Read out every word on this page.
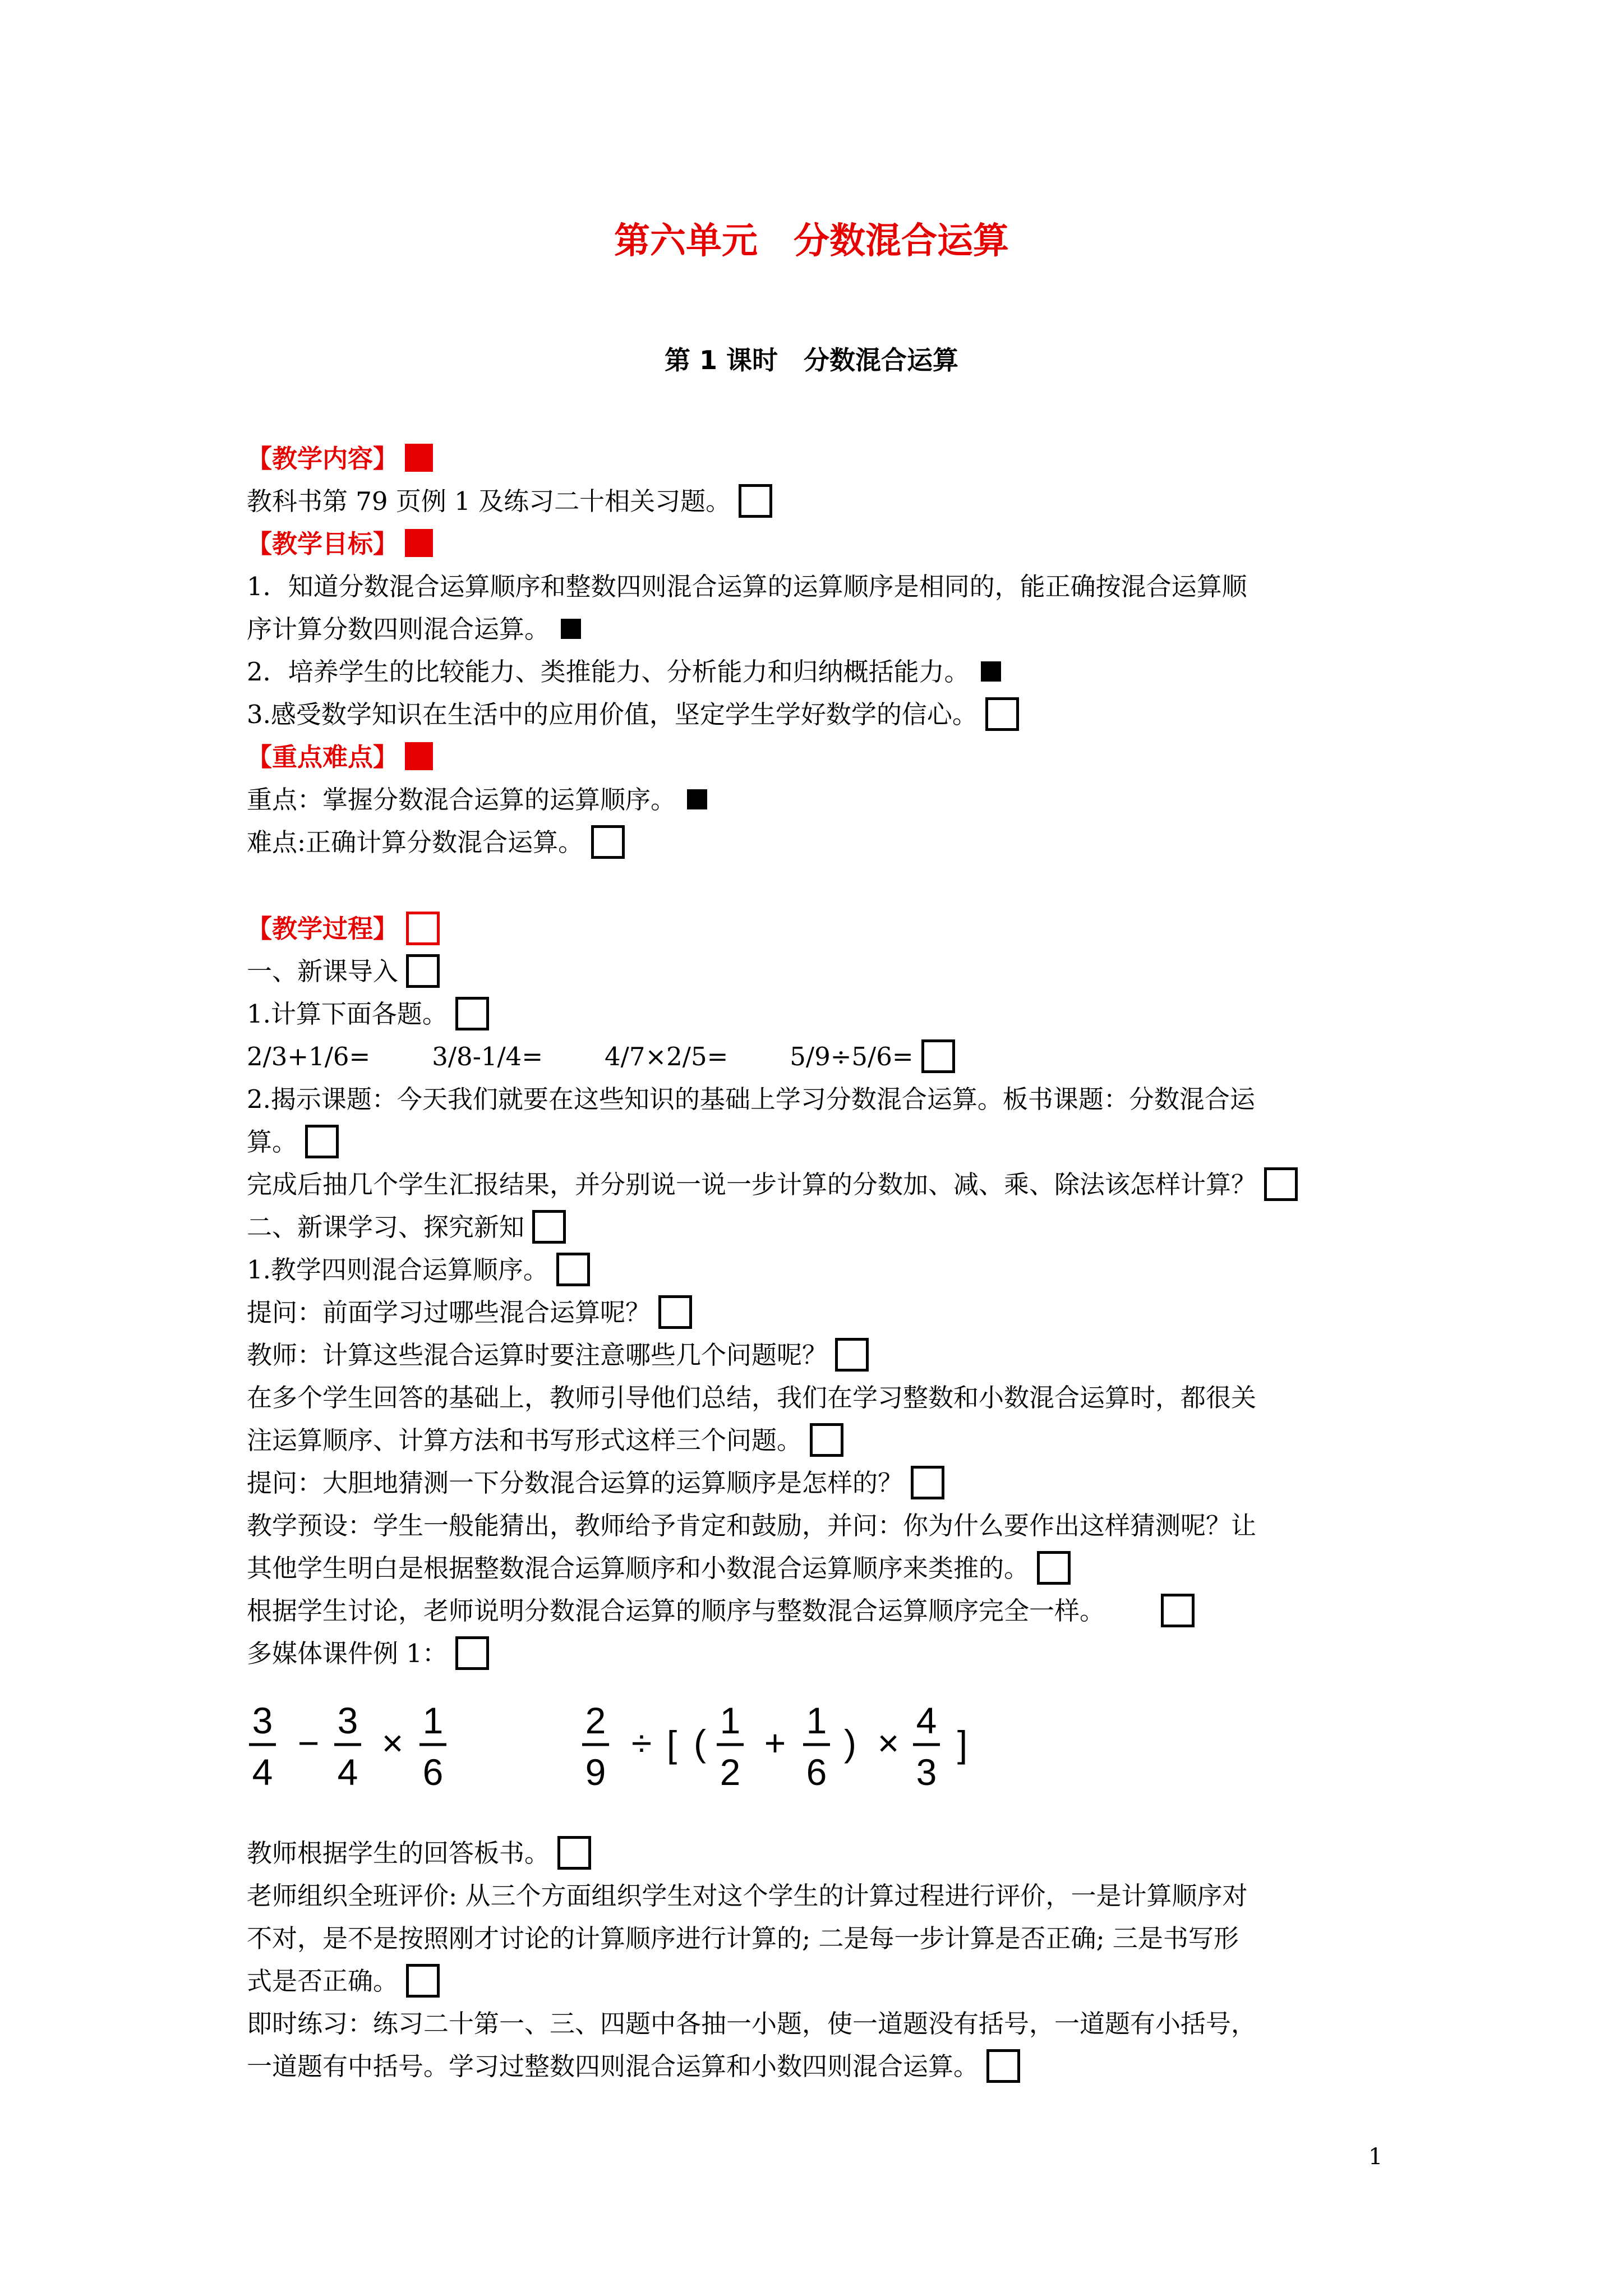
第六单元　分数混合运算
第 1 课时　分数混合运算
【教学内容】
教科书第 79 页例 1 及练习二十相关习题。
【教学目标】
1．知道分数混合运算顺序和整数四则混合运算的运算顺序是相同的，能正确按混合运算顺
序计算分数四则混合运算。
2．培养学生的比较能力、类推能力、分析能力和归纳概括能力。
3.感受数学知识在生活中的应用价值，坚定学生学好数学的信心。
【重点难点】
重点：掌握分数混合运算的运算顺序。
难点:正确计算分数混合运算。
【教学过程】
一、新课导入
1.计算下面各题。
2/3+1/6= 3/8-1/4= 4/7×2/5= 5/9÷5/6=
2.揭示课题：今天我们就要在这些知识的基础上学习分数混合运算。板书课题：分数混合运
算。
完成后抽几个学生汇报结果，并分别说一说一步计算的分数加、减、乘、除法该怎样计算？
二、新课学习、探究新知
1.教学四则混合运算顺序。
提问：前面学习过哪些混合运算呢？
教师：计算这些混合运算时要注意哪些几个问题呢？
在多个学生回答的基础上，教师引导他们总结，我们在学习整数和小数混合运算时，都很关
注运算顺序、计算方法和书写形式这样三个问题。
提问：大胆地猜测一下分数混合运算的运算顺序是怎样的？
教学预设：学生一般能猜出，教师给予肯定和鼓励，并问：你为什么要作出这样猜测呢？让
其他学生明白是根据整数混合运算顺序和小数混合运算顺序来类推的。
根据学生讨论，老师说明分数混合运算的顺序与整数混合运算顺序完全一样。
多媒体课件例 1：
3
4
−
3
4
×
1
6
2
9
÷ [ (
1
2
+
1
6
) ×
4
3
]
教师根据学生的回答板书。
老师组织全班评价: 从三个方面组织学生对这个学生的计算过程进行评价，一是计算顺序对
不对，是不是按照刚才讨论的计算顺序进行计算的; 二是每一步计算是否正确; 三是书写形
式是否正确。
即时练习：练习二十第一、三、四题中各抽一小题，使一道题没有括号，一道题有小括号，
一道题有中括号。学习过整数四则混合运算和小数四则混合运算。
1
